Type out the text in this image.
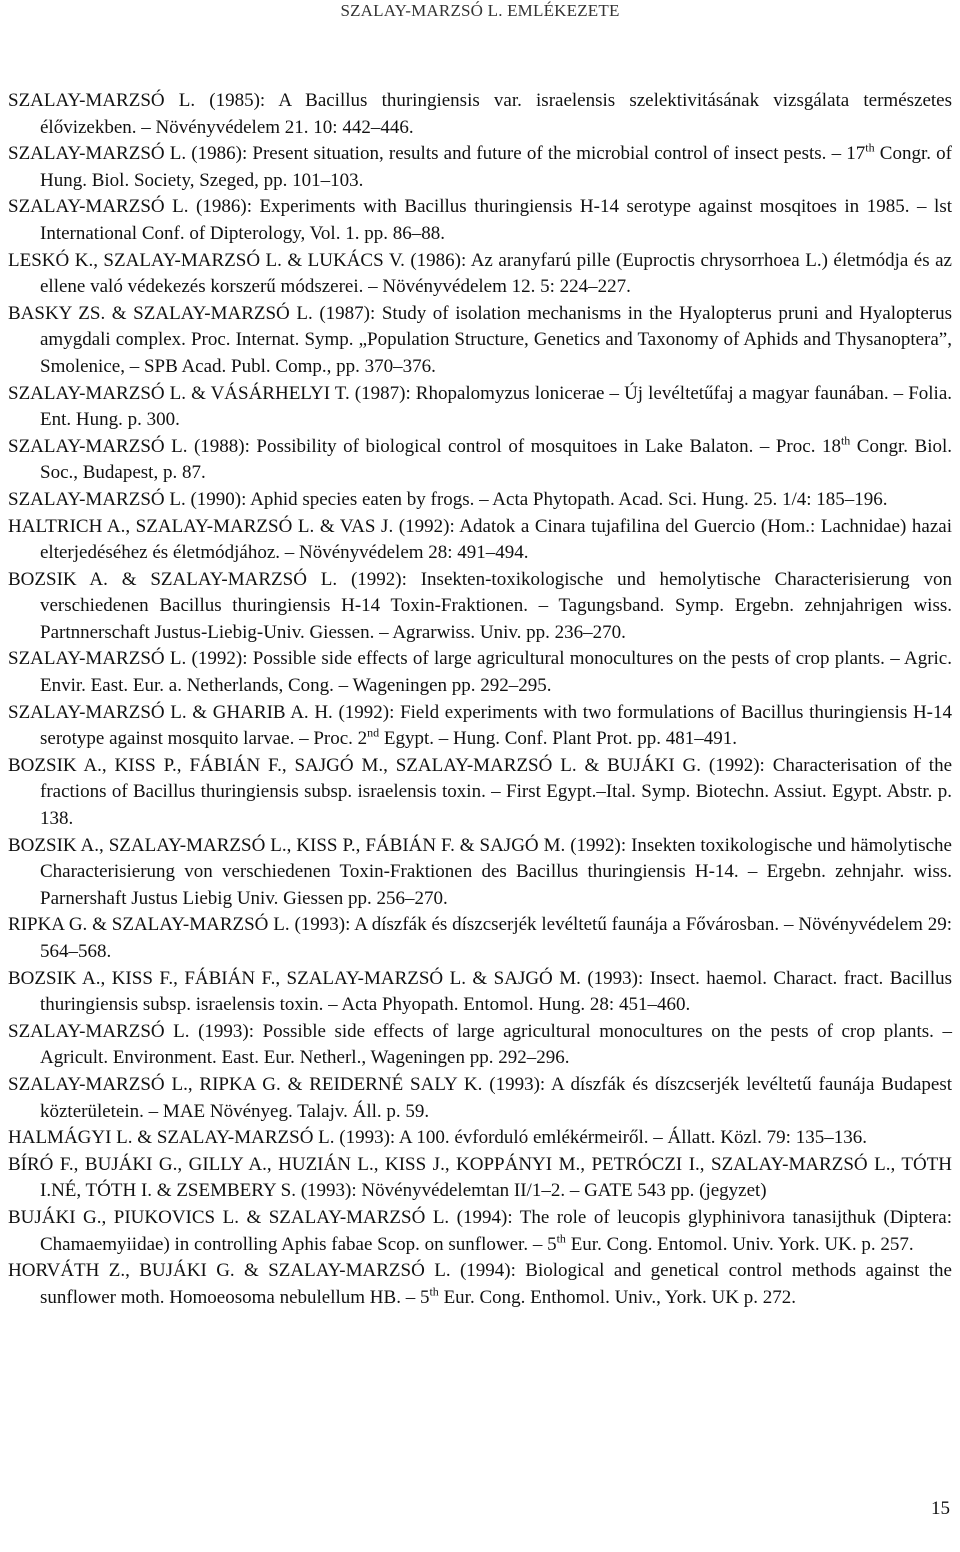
SZALAY-MARZSÓ L. EMLÉKEZETE
SZALAY-MARZSÓ L. (1985): A Bacillus thuringiensis var. israelensis szelektivitásának vizsgálata természetes élővizekben. – Növényvédelem 21. 10: 442–446.
SZALAY-MARZSÓ L. (1986): Present situation, results and future of the microbial control of insect pests. – 17th Congr. of Hung. Biol. Society, Szeged, pp. 101–103.
SZALAY-MARZSÓ L. (1986): Experiments with Bacillus thuringiensis H-14 serotype against mosqitoes in 1985. – lst International Conf. of Dipterology, Vol. 1. pp. 86–88.
LESKÓ K., SZALAY-MARZSÓ L. & LUKÁCS V. (1986): Az aranyfarú pille (Euproctis chrysorrhoea L.) életmódja és az ellene való védekezés korszerű módszerei. – Növényvédelem 12. 5: 224–227.
BASKY ZS. & SZALAY-MARZSÓ L. (1987): Study of isolation mechanisms in the Hyalopterus pruni and Hyalopterus amygdali complex. Proc. Internat. Symp. „Population Structure, Genetics and Taxonomy of Aphids and Thysanoptera”, Smolenice, – SPB Acad. Publ. Comp., pp. 370–376.
SZALAY-MARZSÓ L. & VÁSÁRHELYI T. (1987): Rhopalomyzus lonicerae – Új levéltetűfaj a magyar faunában. – Folia. Ent. Hung. p. 300.
SZALAY-MARZSÓ L. (1988): Possibility of biological control of mosquitoes in Lake Balaton. – Proc. 18th Congr. Biol. Soc., Budapest, p. 87.
SZALAY-MARZSÓ L. (1990): Aphid species eaten by frogs. – Acta Phytopath. Acad. Sci. Hung. 25. 1/4: 185–196.
HALTRICH A., SZALAY-MARZSÓ L. & VAS J. (1992): Adatok a Cinara tujafilina del Guercio (Hom.: Lachnidae) hazai elterjedéséhez és életmódjához. – Növényvédelem 28: 491–494.
BOZSIK A. & SZALAY-MARZSÓ L. (1992): Insekten-toxikologische und hemolytische Characterisierung von verschiedenen Bacillus thuringiensis H-14 Toxin-Fraktionen. – Tagungsband. Symp. Ergebn. zehnjahrigen wiss. Partnnerschaft Justus-Liebig-Univ. Giessen. – Agrarwiss. Univ. pp. 236–270.
SZALAY-MARZSÓ L. (1992): Possible side effects of large agricultural monocultures on the pests of crop plants. – Agric. Envir. East. Eur. a. Netherlands, Cong. – Wageningen pp. 292–295.
SZALAY-MARZSÓ L. & GHARIB A. H. (1992): Field experiments with two formulations of Bacillus thuringiensis H-14 serotype against mosquito larvae. – Proc. 2nd Egypt. – Hung. Conf. Plant Prot. pp. 481–491.
BOZSIK A., KISS P., FÁBIÁN F., SAJGÓ M., SZALAY-MARZSÓ L. & BUJÁKI G. (1992): Characterisation of the fractions of Bacillus thuringiensis subsp. israelensis toxin. – First Egypt.–Ital. Symp. Biotechn. Assiut. Egypt. Abstr. p. 138.
BOZSIK A., SZALAY-MARZSÓ L., KISS P., FÁBIÁN F. & SAJGÓ M. (1992): Insekten toxikologische und hämolytische Characterisierung von verschiedenen Toxin-Fraktionen des Bacillus thuringiensis H-14. – Ergebn. zehnjahr. wiss. Parnershaft Justus Liebig Univ. Giessen pp. 256–270.
RIPKA G. & SZALAY-MARZSÓ L. (1993): A díszfák és díszcserjék levéltetű faunája a Fővárosban. – Növényvédelem 29: 564–568.
BOZSIK A., KISS F., FÁBIÁN F., SZALAY-MARZSÓ L. & SAJGÓ M. (1993): Insect. haemol. Charact. fract. Bacillus thuringiensis subsp. israelensis toxin. – Acta Phyopath. Entomol. Hung. 28: 451–460.
SZALAY-MARZSÓ L. (1993): Possible side effects of large agricultural monocultures on the pests of crop plants. – Agricult. Environment. East. Eur. Netherl., Wageningen pp. 292–296.
SZALAY-MARZSÓ L., RIPKA G. & REIDERNÉ SALY K. (1993): A díszfák és díszcserjék levéltetű faunája Budapest közterületein. – MAE Növényeg. Talajv. Áll. p. 59.
HALMÁGYI L. & SZALAY-MARZSÓ L. (1993): A 100. évforduló emlékérmeiről. – Állatt. Közl. 79: 135–136.
BÍRÓ F., BUJÁKI G., GILLY A., HUZIÁN L., KISS J., KOPPÁNYI M., PETRÓCZI I., SZALAY-MARZSÓ L., TÓTH I.NÉ, TÓTH I. & ZSEMBERY S. (1993): Növényvédelemtan II/1–2. – GATE 543 pp. (jegyzet)
BUJÁKI G., PIUKOVICS L. & SZALAY-MARZSÓ L. (1994): The role of leucopis glyphinivora tanasijthuk (Diptera: Chamaemyiidae) in controlling Aphis fabae Scop. on sunflower. – 5th Eur. Cong. Entomol. Univ. York. UK. p. 257.
HORVÁTH Z., BUJÁKI G. & SZALAY-MARZSÓ L. (1994): Biological and genetical control methods against the sunflower moth. Homoeosoma nebulellum HB. – 5th Eur. Cong. Enthomol. Univ., York. UK p. 272.
15
